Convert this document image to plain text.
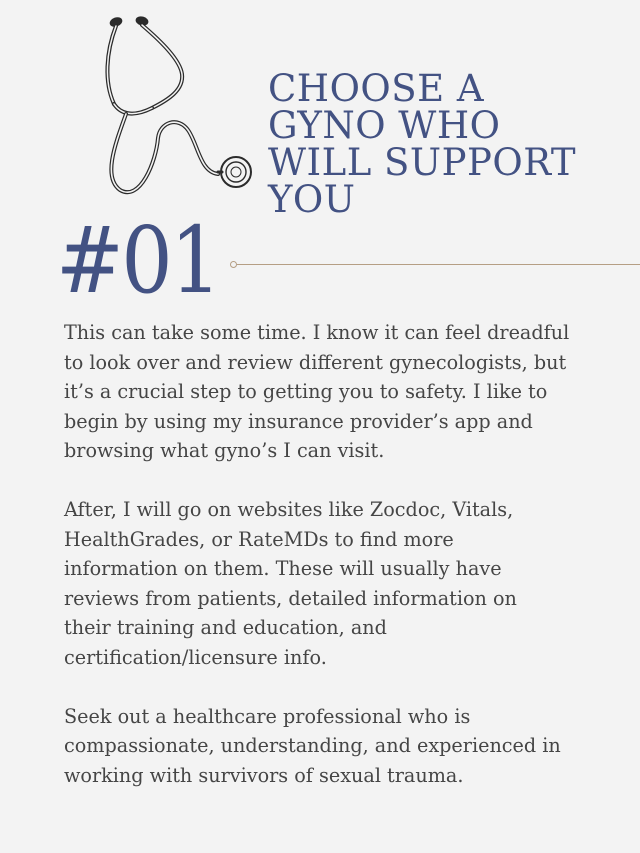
CHOOSE A
GYNO WHO
WILL SUPPORT
YOU
#01

This can take some time. I know it can feel dreadful
to look over and review different gynecologists, but
it’s a crucial step to getting you to safety. I like to
begin by using my insurance provider’s app and
browsing what gyno’s I can visit.

After, I will go on websites like Zocdoc, Vitals,
HealthGrades, or RateMDs to find more
information on them. These will usually have
reviews from patients, detailed information on
their training and education, and
certification/licensure info.

Seek out a healthcare professional who is
compassionate, understanding, and experienced in
working with survivors of sexual trauma.
